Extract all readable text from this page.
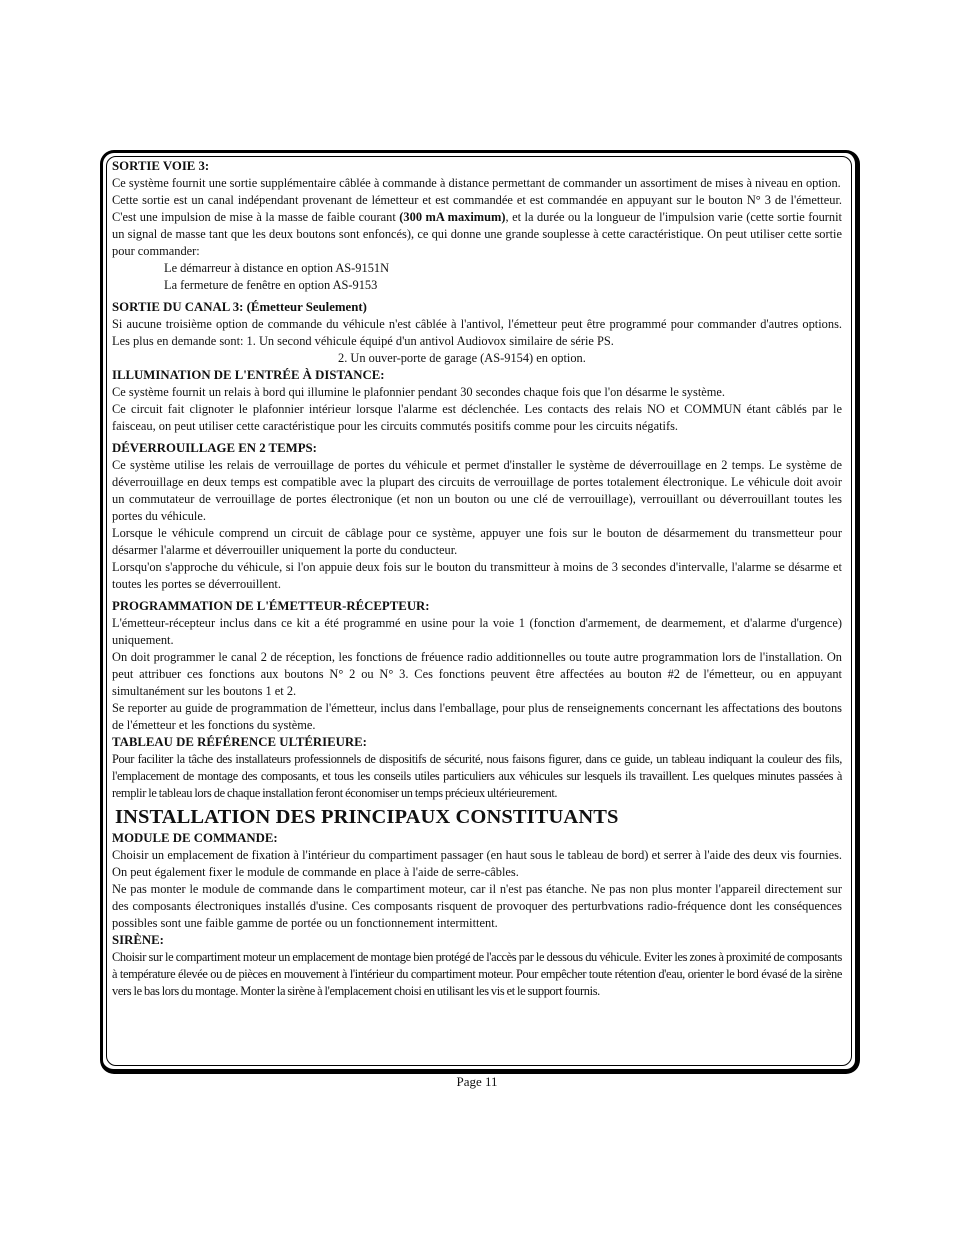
SORTIE VOIE 3:

Ce système fournit une sortie supplémentaire câblée à commande à distance permettant de commander un assortiment de mises à niveau en option.

Cette sortie est un canal indépendant provenant de lémetteur et est commandée et est commandée en appuyant sur le bouton N° 3 de l'émetteur. C'est une impulsion de mise à la masse de faible courant (300 mA maximum), et la durée ou la longueur de l'impulsion varie (cette sortie fournit un signal de masse tant que les deux boutons sont enfoncés), ce qui donne une grande souplesse à cette caractéristique. On peut utiliser cette sortie pour commander:

Le démarreur à distance en option AS-9151N

La fermeture de fenêtre en option AS-9153

SORTIE DU CANAL 3: (Émetteur Seulement)

Si aucune troisième option de commande du véhicule n'est câblée à l'antivol, l'émetteur peut être programmé pour commander d'autres options. Les plus en demande sont: 1. Un second véhicule équipé d'un antivol Audiovox similaire de série PS.

2. Un ouver-porte de garage (AS-9154) en option.

ILLUMINATION DE L'ENTRÉE À DISTANCE:

Ce système fournit un relais à bord qui illumine le plafonnier pendant 30 secondes chaque fois que l'on désarme le système.

Ce circuit fait clignoter le plafonnier intérieur lorsque l'alarme est déclenchée. Les contacts des relais NO et COMMUN étant câblés par le faisceau, on peut utiliser cette caractéristique pour les circuits commutés positifs comme pour les circuits négatifs.

DÉVERROUILLAGE EN 2 TEMPS:

Ce système utilise les relais de verrouillage de portes du véhicule et permet d'installer le système de déverrouillage en 2 temps. Le système de déverrouillage en deux temps est compatible avec la plupart des circuits de verrouillage de portes totalement électronique. Le véhicule doit avoir un commutateur de verrouillage de portes électronique (et non un bouton ou une clé de verrouillage), verrouillant ou déverrouillant toutes les portes du véhicule.

Lorsque le véhicule comprend un circuit de câblage pour ce système, appuyer une fois sur le bouton de désarmement du transmetteur pour désarmer l'alarme et déverrouiller uniquement la porte du conducteur.

Lorsqu'on s'approche du véhicule, si l'on appuie deux fois sur le bouton du transmitteur à moins de 3 secondes d'intervalle, l'alarme se désarme et toutes les portes se déverrouillent.

PROGRAMMATION DE L'ÉMETTEUR-RÉCEPTEUR:

L'émetteur-récepteur inclus dans ce kit a été programmé en usine pour la voie 1 (fonction d'armement, de dearmement, et d'alarme d'urgence) uniquement.

On doit programmer le canal 2 de réception, les fonctions de fréuence radio additionnelles ou toute autre programmation lors de l'installation. On peut attribuer ces fonctions aux boutons N° 2 ou N° 3. Ces fonctions peuvent être affectées au bouton #2 de l'émetteur, ou en appuyant simultanément sur les boutons 1 et 2.

Se reporter au guide de programmation de l'émetteur, inclus dans l'emballage, pour plus de renseignements concernant les affectations des boutons de l'émetteur et les fonctions du système.

TABLEAU DE RÉFÉRENCE ULTÉRIEURE:

Pour faciliter la tâche des installateurs professionnels de dispositifs de sécurité, nous faisons figurer, dans ce guide, un tableau indiquant la couleur des fils, l'emplacement de montage des composants, et tous les conseils utiles particuliers aux véhicules sur lesquels ils travaillent. Les quelques minutes passées à remplir le tableau lors de chaque installation feront économiser un temps précieux ultérieurement.

INSTALLATION DES PRINCIPAUX CONSTITUANTS
MODULE DE COMMANDE:

Choisir un emplacement de fixation à l'intérieur du compartiment passager (en haut sous le tableau de bord) et serrer à l'aide des deux vis fournies. On peut également fixer le module de commande en place à l'aide de serre-câbles.

Ne pas monter le module de commande dans le compartiment moteur, car il n'est pas étanche. Ne pas non plus monter l'appareil directement sur des composants électroniques installés d'usine. Ces composants risquent de provoquer des perturbvations radio-fréquence dont les conséquences possibles sont une faible gamme de portée ou un fonctionnement intermittent.

SIRÈNE:

Choisir sur le compartiment moteur un emplacement de montage bien protégé de l'accès par le dessous du véhicule. Eviter les zones à proximité de composants à température élevée ou de pièces en mouvement à l'intérieur du compartiment moteur. Pour empêcher toute rétention d'eau, orienter le bord évasé de la sirène vers le bas lors du montage. Monter la sirène à l'emplacement choisi en utilisant les vis et le support fournis.

Page 11
